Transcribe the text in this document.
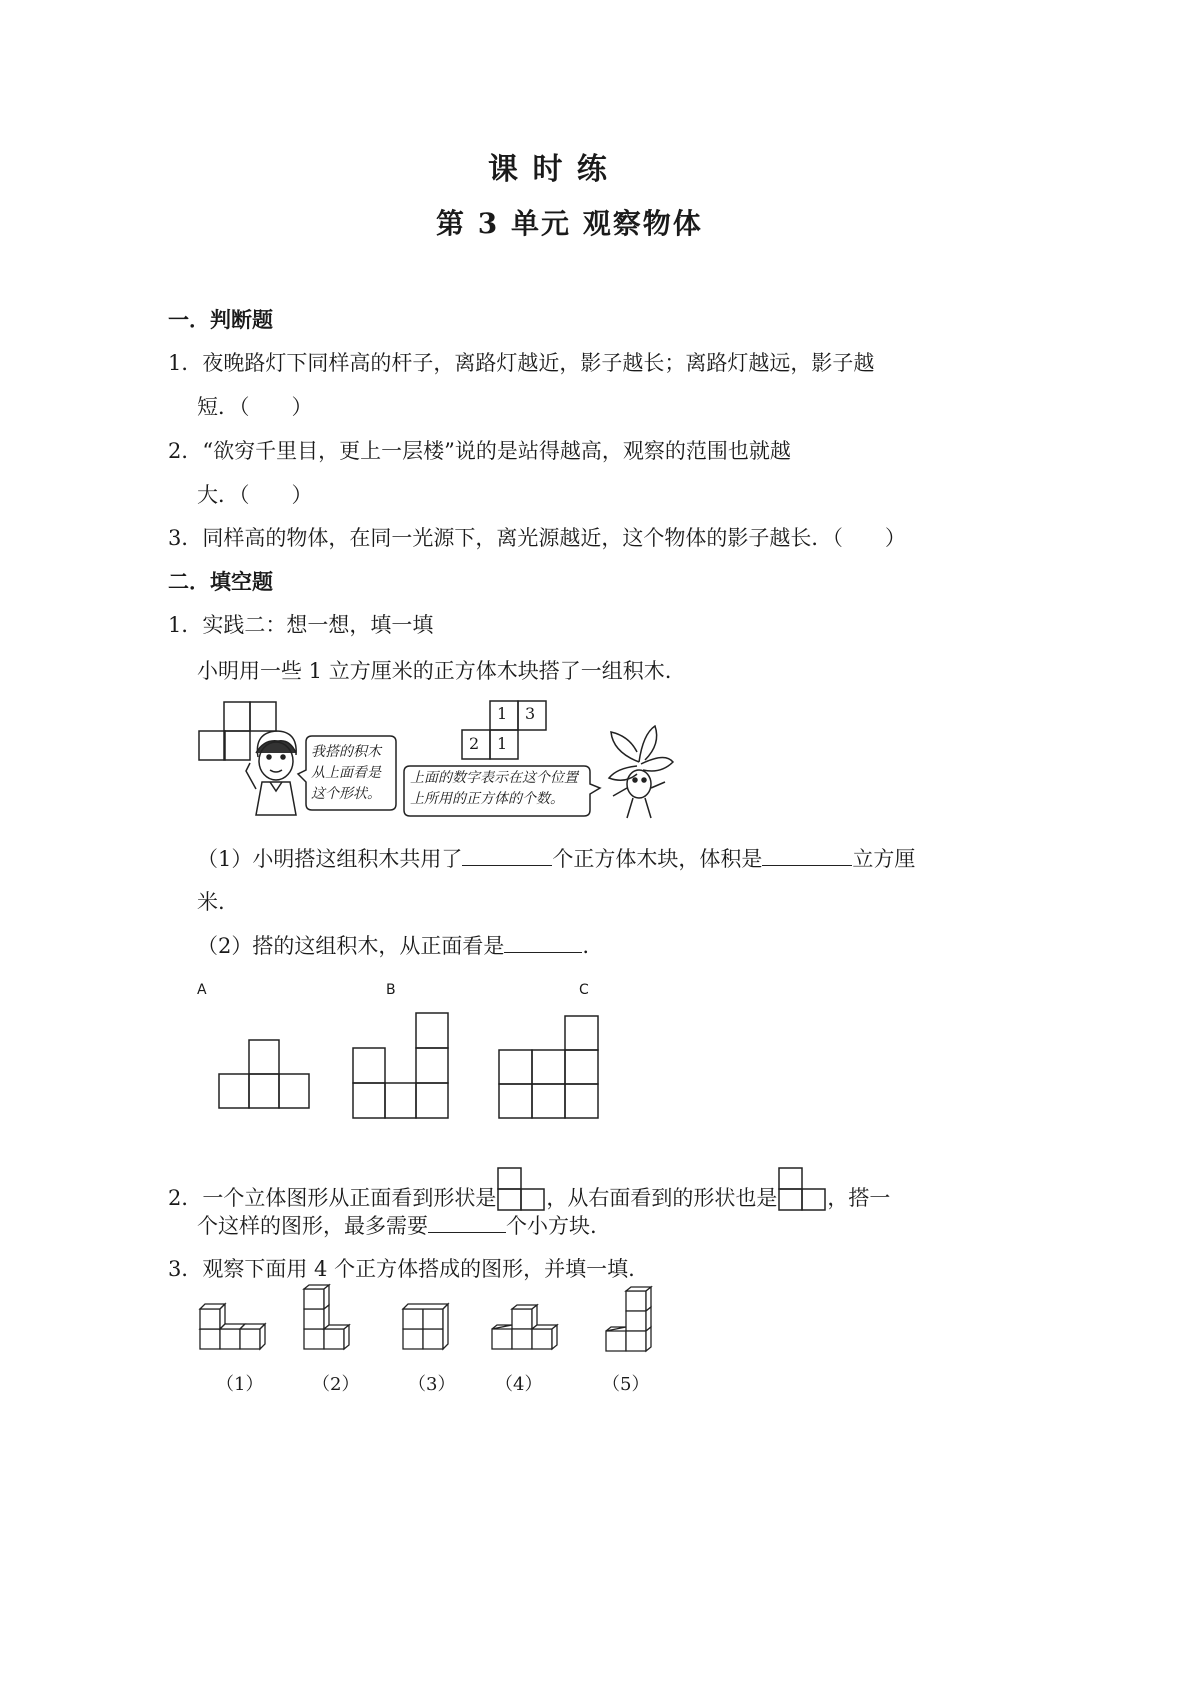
课 时 练
第 3 单元 观察物体
一．判断题
1．夜晚路灯下同样高的杆子，离路灯越近，影子越长；离路灯越远，影子越
短．（　　）
2．“欲穷千里目，更上一层楼”说的是站得越高，观察的范围也就越
大．（　　）
3．同样高的物体，在同一光源下，离光源越近，这个物体的影子越长．（　　）
二．填空题
1．实践二：想一想，填一填
小明用一些 1 立方厘米的正方体木块搭了一组积木.
我搭的积木
从上面看是
这个形状。
1 3
2 1
上面的数字表示在这个位置
上所用的正方体的个数。
（1）小明搭这组积木共用了	个正方体木块，体积是	立方厘
米.
（2）搭的这组积木，从正面看是	.
A	B	C
2．一个立体图形从正面看到形状是 ，从右面看到的形状也是 ，搭一
个这样的图形，最多需要	个小方块.
3．观察下面用 4 个正方体搭成的图形，并填一填.
（1）	（2）	（3） （4）	（5）
